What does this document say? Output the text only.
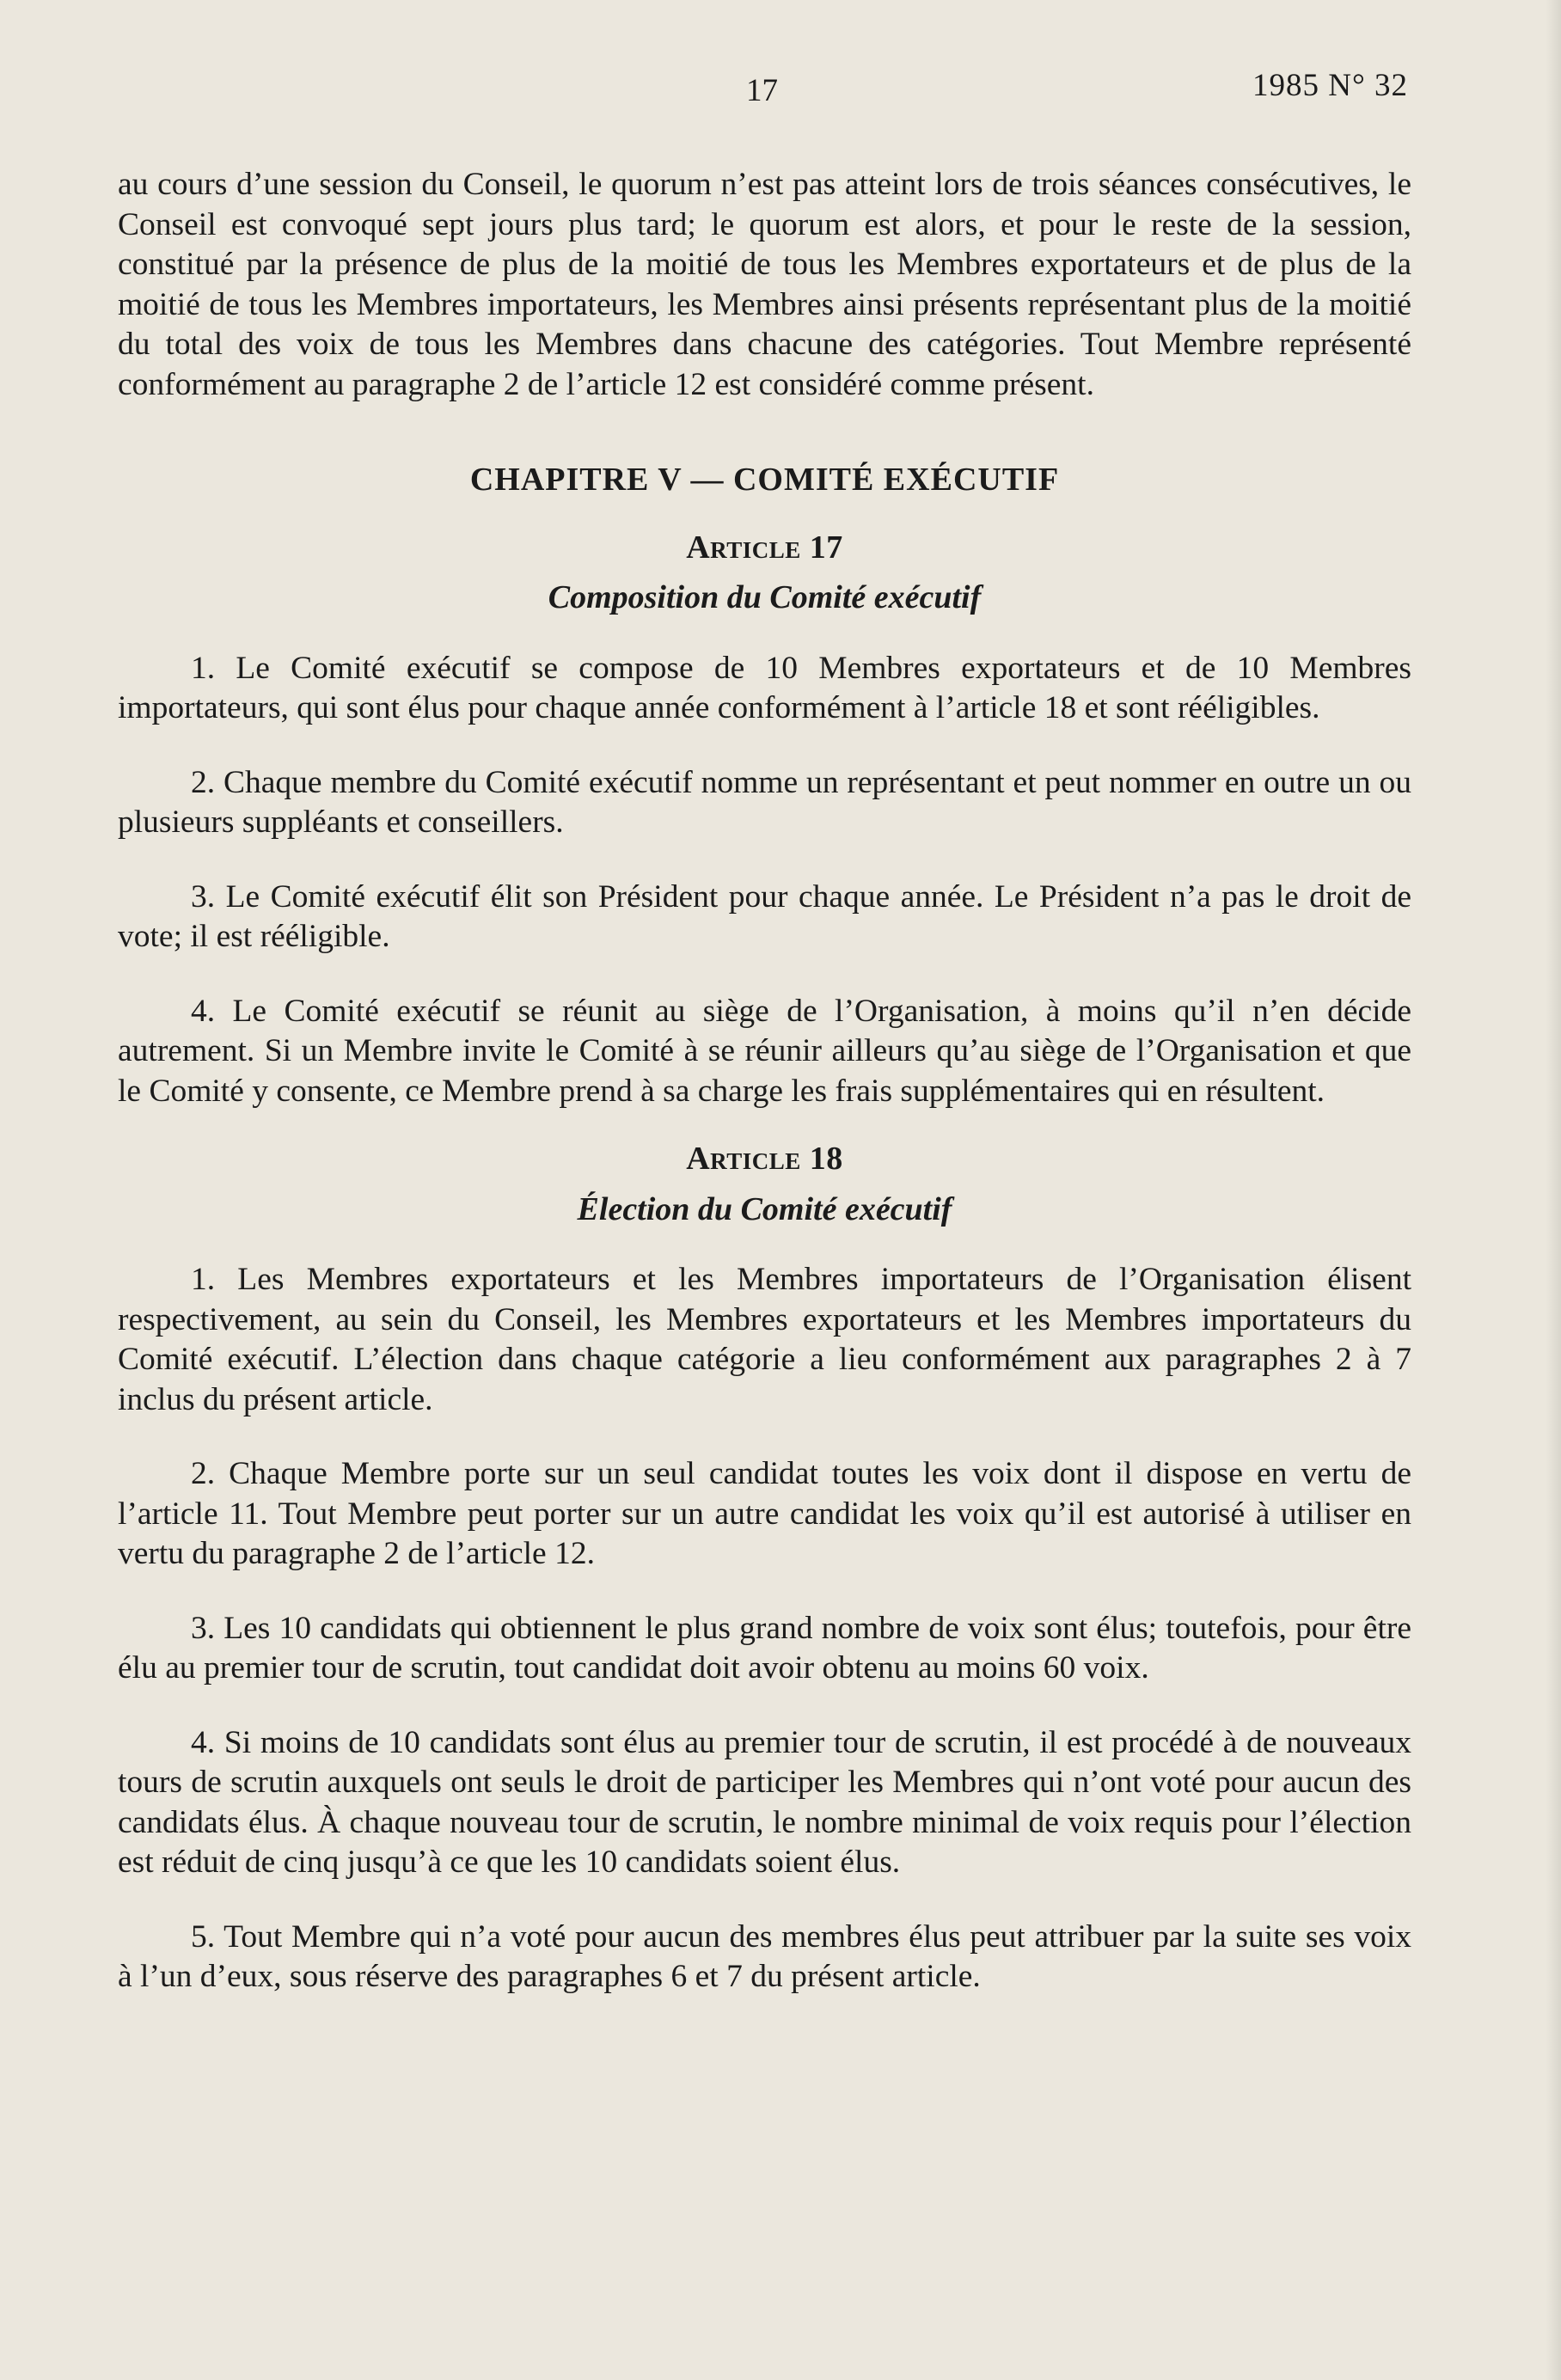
17	1985 N° 32

au cours d’une session du Conseil, le quorum n’est pas atteint lors de trois séances consécutives, le Conseil est convoqué sept jours plus tard; le quorum est alors, et pour le reste de la session, constitué par la présence de plus de la moitié de tous les Membres exportateurs et de plus de la moitié de tous les Membres importateurs, les Membres ainsi présents représentant plus de la moitié du total des voix de tous les Membres dans chacune des catégories. Tout Membre représenté conformément au paragraphe 2 de l’article 12 est considéré comme présent.

CHAPITRE V — COMITÉ EXÉCUTIF
Article 17
Composition du Comité exécutif

1. Le Comité exécutif se compose de 10 Membres exportateurs et de 10 Membres importateurs, qui sont élus pour chaque année conformément à l’article 18 et sont rééligibles.

2. Chaque membre du Comité exécutif nomme un représentant et peut nommer en outre un ou plusieurs suppléants et conseillers.

3. Le Comité exécutif élit son Président pour chaque année. Le Président n’a pas le droit de vote; il est rééligible.

4. Le Comité exécutif se réunit au siège de l’Organisation, à moins qu’il n’en décide autrement. Si un Membre invite le Comité à se réunir ailleurs qu’au siège de l’Organisation et que le Comité y consente, ce Membre prend à sa charge les frais supplémentaires qui en résultent.

Article 18
Élection du Comité exécutif

1. Les Membres exportateurs et les Membres importateurs de l’Organisation élisent respectivement, au sein du Conseil, les Membres exportateurs et les Membres importateurs du Comité exécutif. L’élection dans chaque catégorie a lieu conformément aux paragraphes 2 à 7 inclus du présent article.

2. Chaque Membre porte sur un seul candidat toutes les voix dont il dispose en vertu de l’article 11. Tout Membre peut porter sur un autre candidat les voix qu’il est autorisé à utiliser en vertu du paragraphe 2 de l’article 12.

3. Les 10 candidats qui obtiennent le plus grand nombre de voix sont élus; toutefois, pour être élu au premier tour de scrutin, tout candidat doit avoir obtenu au moins 60 voix.

4. Si moins de 10 candidats sont élus au premier tour de scrutin, il est procédé à de nouveaux tours de scrutin auxquels ont seuls le droit de participer les Membres qui n’ont voté pour aucun des candidats élus. À chaque nouveau tour de scrutin, le nombre minimal de voix requis pour l’élection est réduit de cinq jusqu’à ce que les 10 candidats soient élus.

5. Tout Membre qui n’a voté pour aucun des membres élus peut attribuer par la suite ses voix à l’un d’eux, sous réserve des paragraphes 6 et 7 du présent article.
